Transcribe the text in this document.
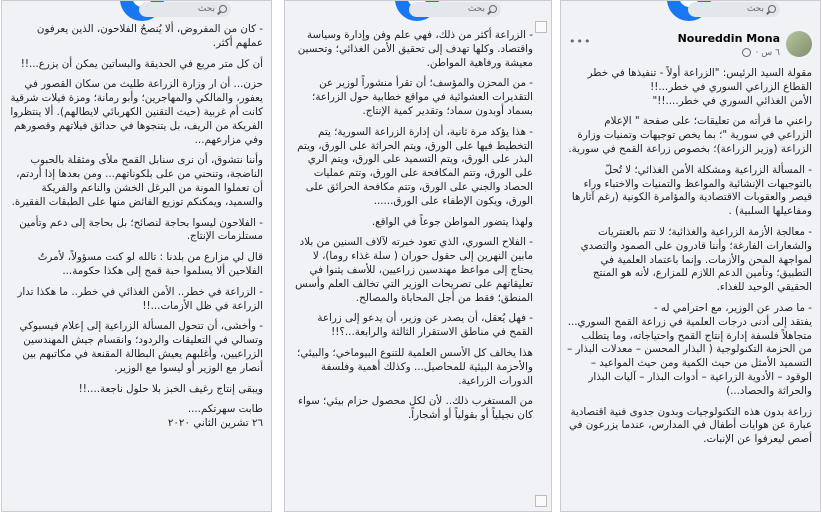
بحث

- كان من المفروض، ألا يُنصحُ الفلاحون، الذين يعرفون عملهم أكثر.

أن كل متر مربع في الحديقة والبساتين يمكن أن يزرع...!!

حزن... أن ار وزارة الزراعة طليث من سكان القصور في يعفور، والمالكي والمهاجرين؛ وأبو رمانة؛ ومزة فيلات شرقية كانت أم غربية (حيث التقنين الكهربائي لايطالهم). ألا ينتظروا الفريكة من الريف، بل يتنجوها في حدائق فيلاتهم وقصورهم وفي مزارعهم...

وأننا نتشوق، أن نرى سنابل القمح ملأى ومثقلة بالحبوب الناضجة، وتنحني من على بلكوناتهم... ومن بعدها إذا أردتم، أن تعملوا المونة من البرغل الخشن والناعم والفريكة والسميد، ويمكنكم توزيع الفائض منها على الطبقات الفقيرة.

- الفلاحون ليسوا بحاجة لنصائح؛ بل بحاجة إلى دعم وتأمين مستلزمات الإنتاج.

قال لي مزارع من بلدنا : تالله لو كنت مسؤولاً، لأمرتُ الفلاحين ألا يسلموا حبة قمح إلى هكذا حكومة...

- الزراعة في خطر.. الأمن الغذائي في خطر.. ما هكذا تدار الزراعة في ظل الأزمات...!!

- وأخشى، أن تتحول المسألة الزراعية إلى إعلام فيسبوكي وتسالي في التعليقات والردود؛ وانقسام جيش المهندسين الزراعيين، وأغلبهم يعيش البطالة المقنعة في مكاتبهم بين أنصار مع الوزير أو ليسوا مع الوزير.

ويبقى إنتاج رغيف الخبز بلا حلول ناجعة....!!

طابت سهرتكم....
٢٦ تشرين الثاني ٢٠٢٠

بحث

- الزراعة أكثر من ذلك، فهي علم وفن وإدارة وسياسة واقتصاد. وكلها تهدف إلى تحقيق الأمن الغذائي؛ وتحسين معيشة ورفاهية المواطن.

- من المحزن والمؤسف؛ أن تقرأ منشوراً لوزير عن التقديرات العشوائية في مواقع خطابية حول الزراعة؛ بسماد أوبدون سماد؛ وتقدير كمية الإنتاج.

- هذا يؤكد مرة ثانية، أن إدارة الزراعة السورية؛ يتم التخطيط فيها على الورق، ويتم الحراثة على الورق، ويتم البذر على الورق، ويتم التسميد على الورق، ويتم الري على الورق، وتتم المكافحة على الورق، وتتم عمليات الحصاد والجني على الورق، وتتم مكافحة الحرائق على الورق، ويكون الإطفاء على الورق......

ولهذا يتضور المواطن جوعاً في الواقع.

- الفلاح السوري، الذي تعود خبرته لآلاف السنين من بلاد مابين النهرين إلى حقول حوران ( سلة غذاء روما)، لا يحتاج إلى مواعظ مهندسين زراعيين، للأسف يثنوا في تعليقاتهم على تصريحات الوزير التي تخالف العلم وأسس المنطق؛ فقط من أجل المحاباة والمصالح.

- فهل يُعقل، أن يصدر عن وزير، أن يدعو إلى زراعة القمح في مناطق الاستقرار الثالثة والرابعة...؟!!

هذا يخالف كل الأسس العلمية للتنوع البيوماخي؛ والبيئي؛ والأحزمة البيئية للمحاصيل... وكذلك أهمية وفلسفة الدورات الزراعية.

من المستغرب ذلك.. لأن لكل محصول حزام بيئي؛ سواء كان نجيلياً أو بقولياً أو أشجاراً.

بحث
Noureddin Mona
٦ س ·
•••

مقولة السيد الرئيس: "الزراعة أولاً - تنفيذها في خطر القطاع الزراعي السوري في خطر...!!
الأمن الغذائي السوري في خطر....!!"

راعني ما قرأته من تعليقات؛ على صفحة " الإعلام الزراعي في سورية "؛ بما يخص توجيهات وتمنيات وزارة الزراعة (وزير الزراعة)؛ بخصوص زراعة القمح في سورية.

- المسألة الزراعية ومشكلة الأمن الغذائي؛ لا تُحلّ بالتوجيهات الإنشائية والمواعظ والتمنيات والاختباء وراء قيصر والعقوبات الاقتصادية والمؤامرة الكونية (رغم آثارها ومفاعيلها السلبية) .

- معالجة الأزمة الزراعية والغذائية؛ لا تتم بالعنتريات والشعارات الفارغة؛ وأننا قادرون على الصمود والتصدي لمواجهة المحن والأزمات. وإنما باعتماد العلمية في التطبيق؛ وتأمين الدعم اللازم للمزارع، لأنه هو المنتج الحقيقي الوحيد للغذاء.

- ما صدر عن الوزير، مع احترامي له -
يفتقد إلى أدنى درجات العلمية في زراعة القمح السوري... متجاهلاً فلسفة إدارة إنتاج القمح واحتياجاته، وما يتطلب من الحزمة التكنولوجية ( البذار المحسن – معدلات البذار – التسميد الأمثل من حيث الكمية ومن حيث المواعيد – الوقود – الأدوية الزراعية – أدوات البذار – آليات البذار والحراثة والحصاد...)

زراعة بدون هذه التكنولوجيات وبدون جدوى فنية اقتصادية عبارة عن هوايات أطفال في المدارس، عندما يزرعون في أصص ليعرفوا عن الإنبات.
